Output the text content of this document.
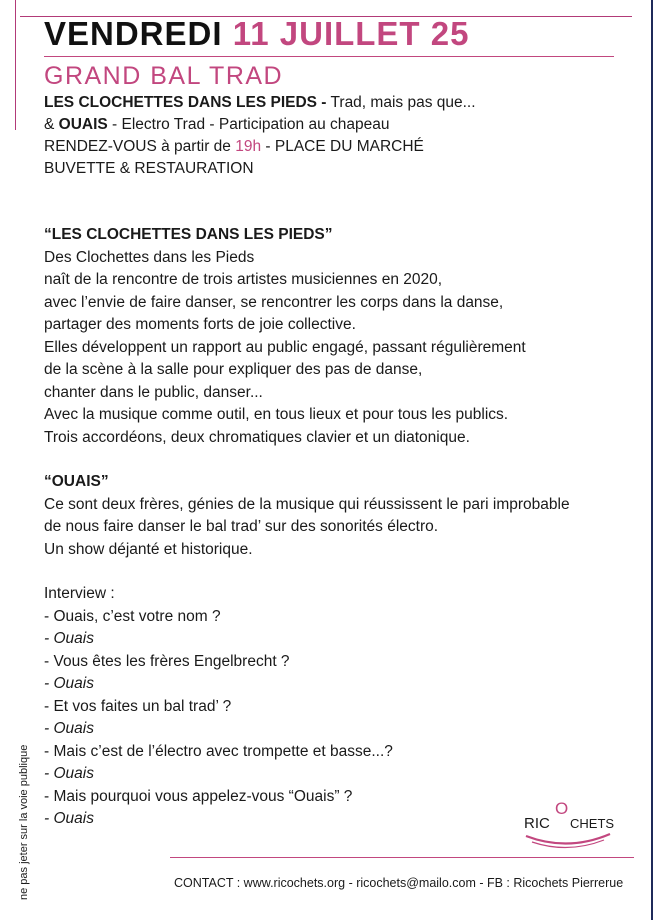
VENDREDI 11 JUILLET 25
GRAND BAL TRAD
LES CLOCHETTES DANS LES PIEDS - Trad, mais pas que...
& OUAIS - Electro Trad - Participation au chapeau
RENDEZ-VOUS à partir de 19h - PLACE DU MARCHÉ
BUVETTE & RESTAURATION

“LES CLOCHETTES DANS LES PIEDS”

Des Clochettes dans les Pieds

naît de la rencontre de trois artistes musiciennes en 2020,

avec l’envie de faire danser, se rencontrer les corps dans la danse,

partager des moments forts de joie collective.

Elles développent un rapport au public engagé, passant régulièrement

de la scène à la salle pour expliquer des pas de danse,

chanter dans le public, danser...

Avec la musique comme outil, en tous lieux et pour tous les publics.

Trois accordéons, deux chromatiques clavier et un diatonique.

“OUAIS”

Ce sont deux frères, génies de la musique qui réussissent le pari improbable

de nous faire danser le bal trad’ sur des sonorités électro.

Un show déjanté et historique.

Interview :

- Ouais, c’est votre nom ?

- Ouais

- Vous êtes les frères Engelbrecht ?

- Ouais

- Et vos faites un bal trad’ ?

- Ouais

- Mais c’est de l’électro avec trompette et basse...?

- Ouais

- Mais pourquoi vous appelez-vous “Ouais” ?

- Ouais	RIC
O
CHETS
CONTACT : www.ricochets.org - ricochets@mailo.com - FB : Ricochets Pierrerue
ne pas jeter sur la voie publique
